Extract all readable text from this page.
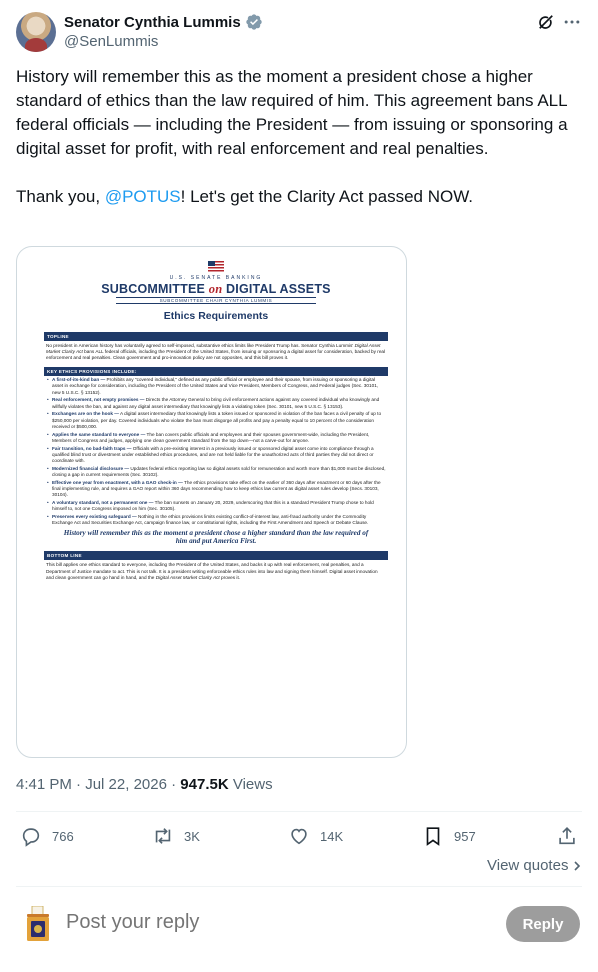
Senator Cynthia Lummis
@SenLummis

History will remember this as the moment a president chose a higher standard of ethics than the law required of him. This agreement bans ALL federal officials — including the President — from issuing or sponsoring a digital asset for profit, with real enforcement and real penalties.

Thank you, @POTUS! Let's get the Clarity Act passed NOW.

U.S. SENATE BANKING
SUBCOMMITTEE on DIGITAL ASSETS
SUBCOMMITTEE CHAIR CYNTHIA LUMMIS
Ethics Requirements
TOPLINE
No president in American history has voluntarily agreed to self-imposed, substantive ethics limits like President Trump has. Senator Cynthia Lummis' Digital Asset Market Clarity Act bans ALL federal officials, including the President of the United States, from issuing or sponsoring a digital asset for consideration, backed by real enforcement and real penalties. Clean government and pro-innovation policy are not opposites, and this bill proves it.
KEY ETHICS PROVISIONS INCLUDE:
• A first-of-its-kind ban — Prohibits any "covered individual," defined as any public official or employee and their spouse, from issuing or sponsoring a digital asset in exchange for consideration, including the President of the United States and Vice President, Members of Congress, and Federal judges (Sec. 30101, new 5 U.S.C. § 13152).
• Real enforcement, not empty promises — Directs the Attorney General to bring civil enforcement actions against any covered individual who knowingly and willfully violates the ban, and against any digital asset intermediary that knowingly lists a violating token (Sec. 30101, new 5 U.S.C. § 13153).
• Exchanges are on the hook — A digital asset intermediary that knowingly lists a token issued or sponsored in violation of the ban faces a civil penalty of up to $250,000 per violation, per day. Covered individuals who violate the ban must disgorge all profits and pay a penalty equal to 10 percent of the consideration received or $500,000.
• Applies the same standard to everyone — The ban covers public officials and employees and their spouses government-wide, including the President, Members of Congress and judges, applying one clean government standard from the top down—not a carve-out for anyone.
• Fair transition, no bad-faith traps — Officials with a pre-existing interest in a previously issued or sponsored digital asset come into compliance through a qualified blind trust or divestment under established ethics procedures, and are not held liable for the unauthorized acts of third parties they did not direct or coordinate with.
• Modernized financial disclosure — Updates federal ethics reporting law so digital assets sold for remuneration and worth more than $1,000 must be disclosed, closing a gap in current requirements (Sec. 30102).
• Effective one year from enactment, with a GAO check-in — The ethics provisions take effect on the earlier of 360 days after enactment or 60 days after the final implementing rule, and requires a GAO report within 360 days recommending how to keep ethics law current as digital asset rules develop (Secs. 30103, 30104).
• A voluntary standard, not a permanent one — The ban sunsets on January 20, 2029, underscoring that this is a standard President Trump chose to hold himself to, not one Congress imposed on him (Sec. 30105).
• Preserves every existing safeguard — Nothing in the ethics provisions limits existing conflict-of-interest law, anti-fraud authority under the Commodity Exchange Act and Securities Exchange Act, campaign finance law, or constitutional rights, including the First Amendment and Speech or Debate Clause.
History will remember this as the moment a president chose a higher standard than the law required of him and put America First.
BOTTOM LINE
This bill applies one ethics standard to everyone, including the President of the United States, and backs it up with real enforcement, real penalties, and a Department of Justice mandate to act. This is not talk. It is a president writing enforceable ethics rules into law and signing them himself. Digital asset innovation and clean government can go hand in hand, and the Digital Asset Market Clarity Act proves it.
4:41 PM · Jul 22, 2026 · 947.5K Views
766	3K	14K	957
View quotes
Post your reply
Reply
